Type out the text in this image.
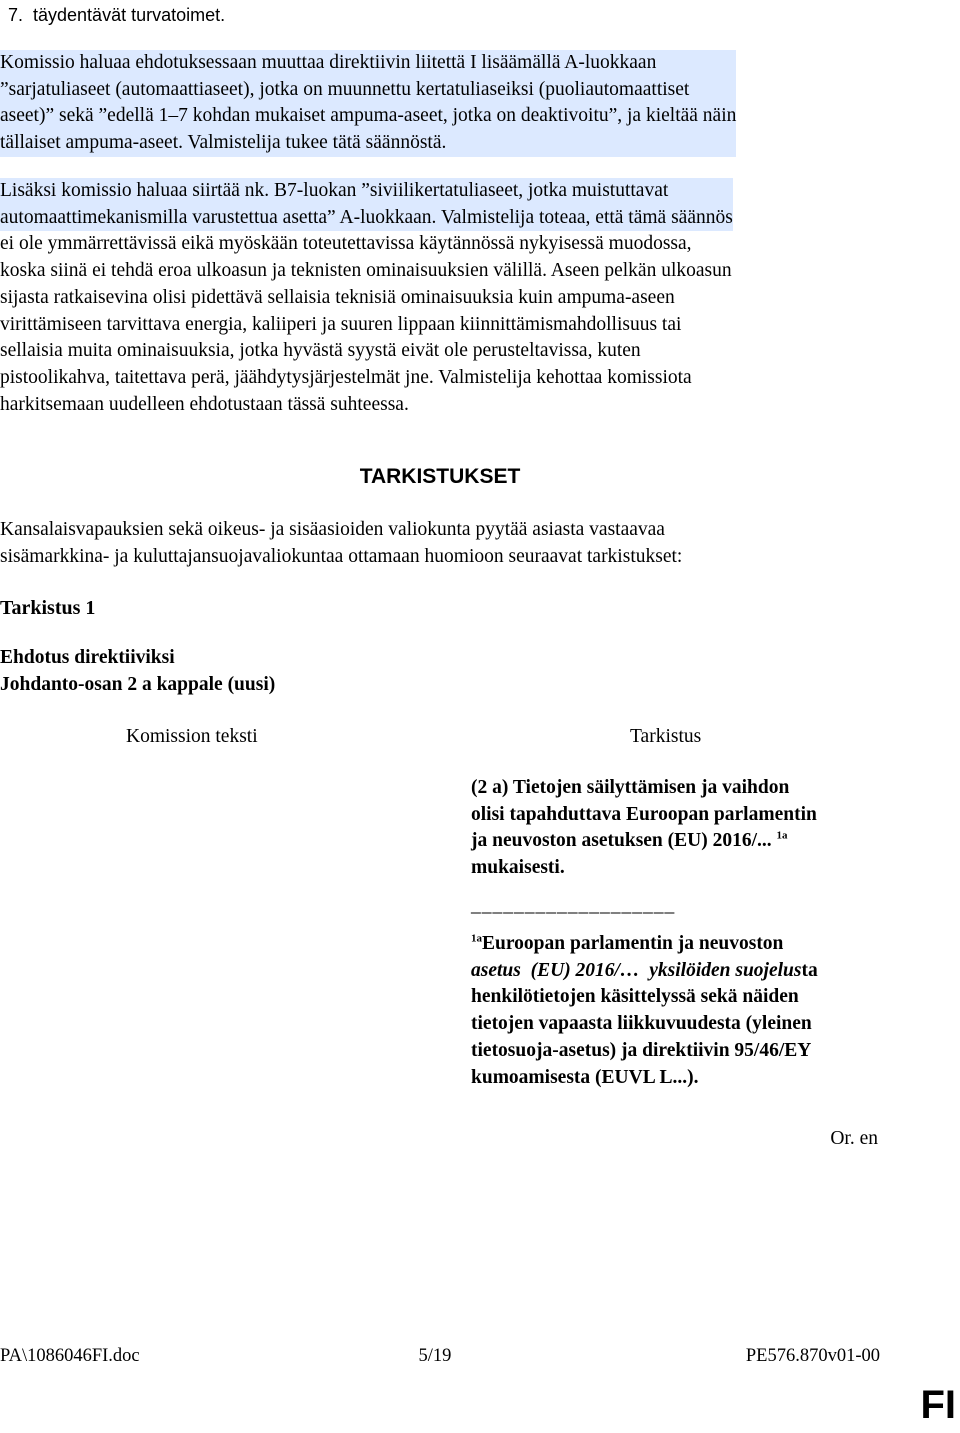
7.  täydentävät turvatoimet.
Komissio haluaa ehdotuksessaan muuttaa direktiivin liitettä I lisäämällä A-luokkaan
”sarjatuliaseet (automaattiaseet), jotka on muunnettu kertatuliaseiksi (puoliautomaattiset
aseet)” sekä ”edellä 1–7 kohdan mukaiset ampuma-aseet, jotka on deaktivoitu”, ja kieltää näin
tällaiset ampuma-aseet. Valmistelija tukee tätä säännöstä.
Lisäksi komissio haluaa siirtää nk. B7-luokan ”siviilikertatuliaseet, jotka muistuttavat
automaattimekanismilla varustettua asetta” A-luokkaan. Valmistelija toteaa, että tämä säännös
ei ole ymmärrettävissä eikä myöskään toteutettavissa käytännössä nykyisessä muodossa,
koska siinä ei tehdä eroa ulkoasun ja teknisten ominaisuuksien välillä. Aseen pelkän ulkoasun
sijasta ratkaisevina olisi pidettävä sellaisia teknisiä ominaisuuksia kuin ampuma-aseen
virittämiseen tarvittava energia, kaliiperi ja suuren lippaan kiinnittämismahdollisuus tai
sellaisia muita ominaisuuksia, jotka hyvästä syystä eivät ole perusteltavissa, kuten
pistoolikahva, taitettava perä, jäähdytysjärjestelmät jne. Valmistelija kehottaa komissiota
harkitsemaan uudelleen ehdotustaan tässä suhteessa.
TARKISTUKSET
Kansalaisvapauksien sekä oikeus- ja sisäasioiden valiokunta pyytää asiasta vastaavaa
sisämarkkina- ja kuluttajansuojavaliokuntaa ottamaan huomioon seuraavat tarkistukset:
Tarkistus 1
Ehdotus direktiiviksi
Johdanto-osan 2 a kappale (uusi)
Komission teksti	Tarkistus
(2 a) Tietojen säilyttämisen ja vaihdon
olisi tapahduttava Euroopan parlamentin
ja neuvoston asetuksen (EU) 2016/... $^{1a}$
mukaisesti.
___________________
$^{1a}$Euroopan parlamentin ja neuvoston
asetus (EU) 2016/… yksilöiden suojelusta
henkilötietojen käsittelyssä sekä näiden
tietojen vapaasta liikkuvuudesta (yleinen
tietosuoja-asetus) ja direktiivin 95/46/EY
kumoamisesta (EUVL L...).
Or. en
PA\1086046FI.doc	5/19	PE576.870v01-00
FI
